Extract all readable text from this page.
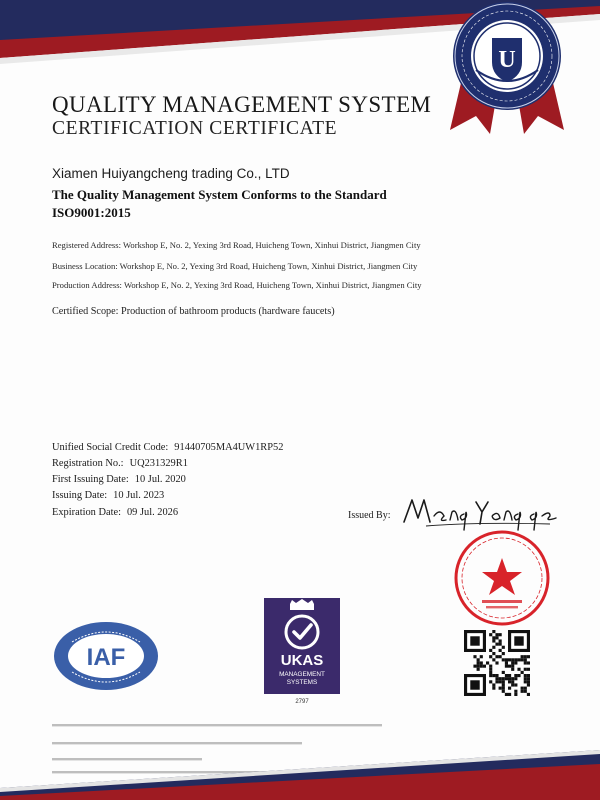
U
QUALITY MANAGEMENT SYSTEM
CERTIFICATION CERTIFICATE
Xiamen Huiyangcheng trading Co., LTD
The Quality Management System Conforms to the Standard
ISO9001:2015
Registered Address: Workshop E, No. 2, Yexing 3rd Road, Huicheng Town, Xinhui District, Jiangmen City
Business Location: Workshop E, No. 2, Yexing 3rd Road, Huicheng Town, Xinhui District, Jiangmen City
Production Address: Workshop E, No. 2, Yexing 3rd Road, Huicheng Town, Xinhui District, Jiangmen City
Certified Scope: Production of bathroom products (hardware faucets)
Unified Social Credit Code: 91440705MA4UW1RP52
Registration No.: UQ231329R1
First Issuing Date: 10 Jul. 2020
Issuing Date: 10 Jul. 2023
Expiration Date: 09 Jul. 2026	Issued By:
IAF	UKAS
MANAGEMENT
SYSTEMS
2797
